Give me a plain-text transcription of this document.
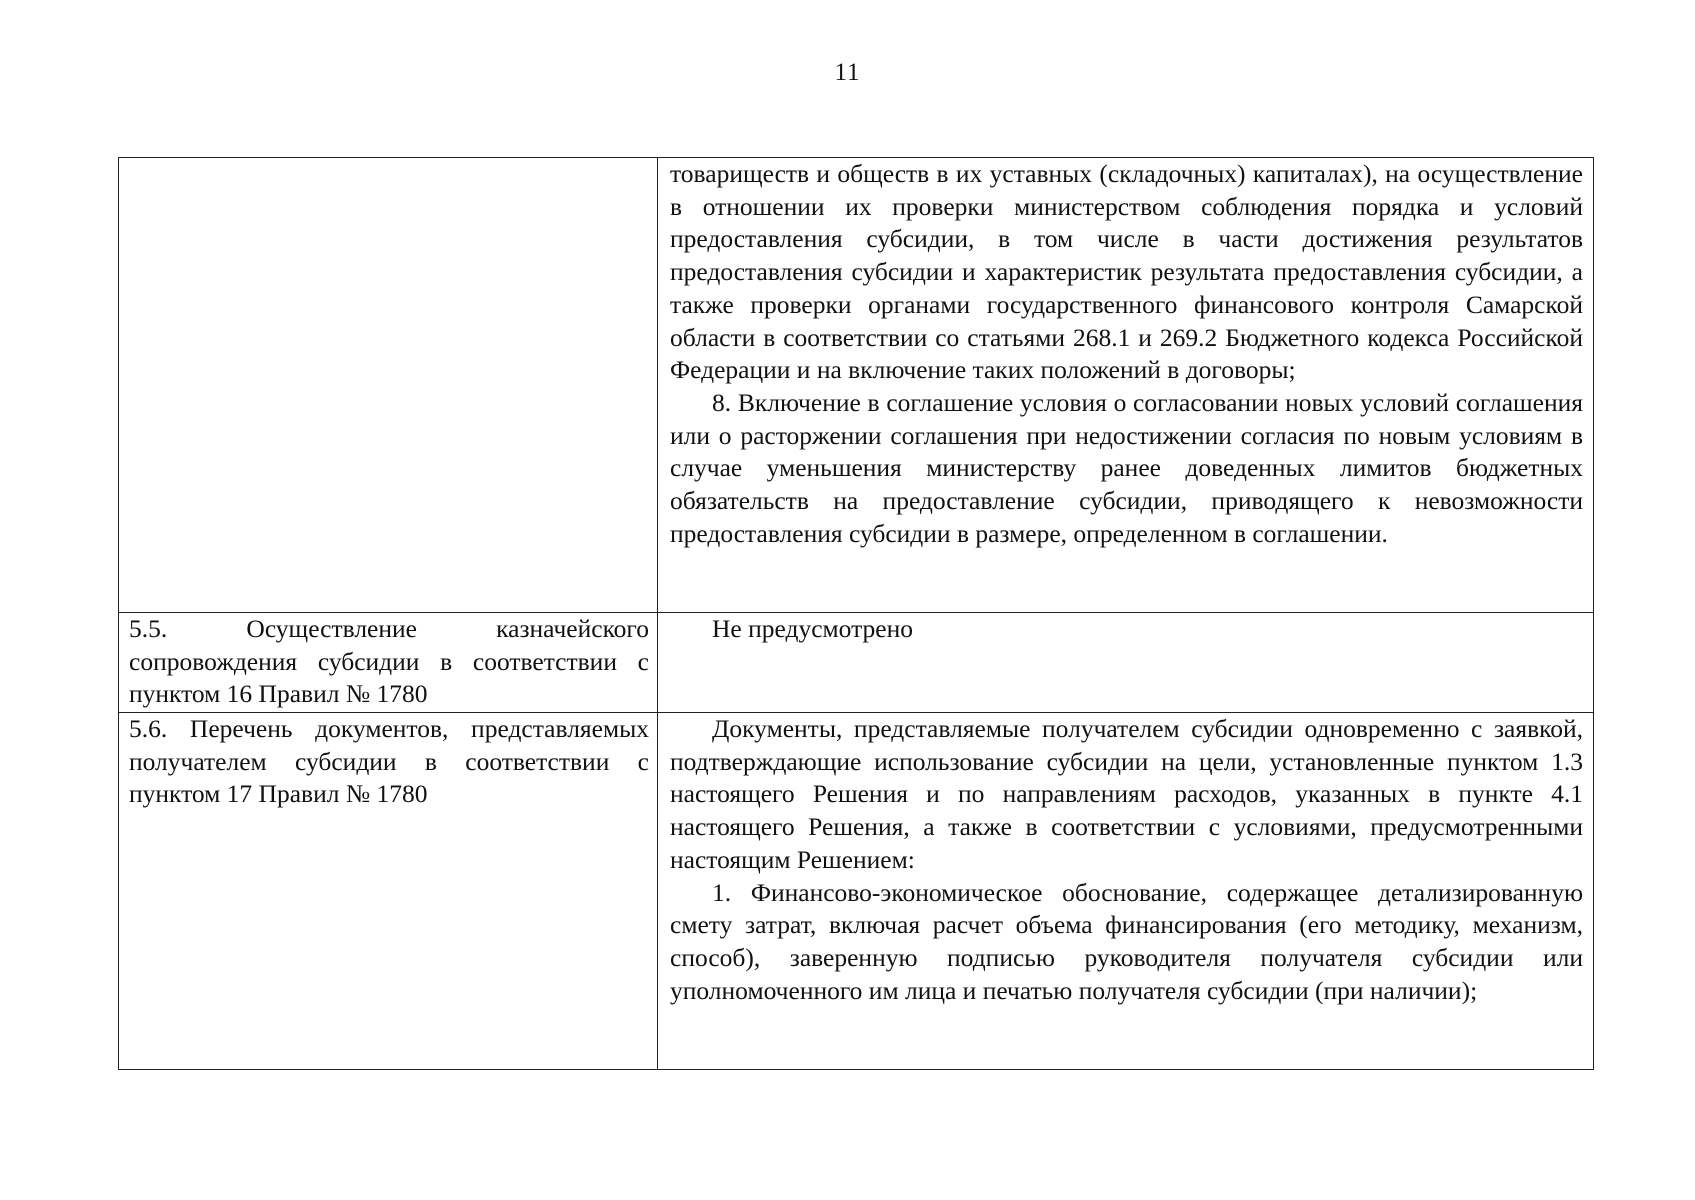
11

	товариществ и обществ в их уставных (складочных) капиталах), на осуществление в отношении их проверки министерством соблюдения порядка и условий предоставления субсидии, в том числе в части достижения результатов предоставления субсидии и характеристик результата предоставления субсидии, а также проверки органами государственного финансового контроля Самарской области в соответствии со статьями 268.1 и 269.2 Бюджетного кодекса Российской Федерации и на включение таких положений в договоры;

8. Включение в соглашение условия о согласовании новых условий соглашения или о расторжении соглашения при недостижении согласия по новым условиям в случае уменьшения министерству ранее доведенных лимитов бюджетных обязательств на предоставление субсидии, приводящего к невозможности предоставления субсидии в размере, определенном в соглашении.

5.5. Осуществление казначейского сопровождения субсидии в соответствии с пунктом 16 Правил № 1780	Не предусмотрено

5.6. Перечень документов, представляемых получателем субсидии в соответствии с пунктом 17 Правил № 1780	Документы, представляемые получателем субсидии одновременно с заявкой, подтверждающие использование субсидии на цели, установленные пунктом 1.3 настоящего Решения и по направлениям расходов, указанных в пункте 4.1 настоящего Решения, а также в соответствии с условиями, предусмотренными настоящим Решением:

1. Финансово-экономическое обоснование, содержащее детализированную смету затрат, включая расчет объема финансирования (его методику, механизм, способ), заверенную подписью руководителя получателя субсидии или уполномоченного им лица и печатью получателя субсидии (при наличии);
